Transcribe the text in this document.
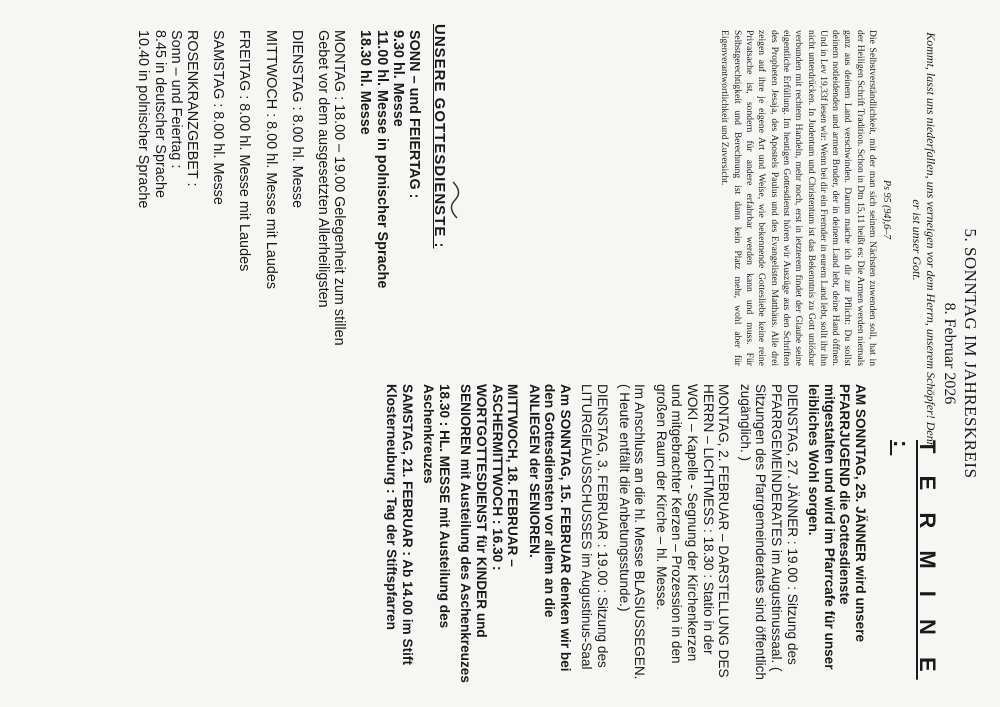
5. SONNTAG IM JAHRESKREIS
8. Februar 2026
Kommt, lasst uns niederfallen, uns verneigen vor dem Herrn, unserem Schöpfer! Denn er ist unser Gott.
Ps 95 (94),6–7
Die Selbstverständlichkeit, mit der man sich seinem Nächsten zuwenden soll, hat in der Heiligen Schrift Tradition. Schon in Dtn 15,11 heißt es: Die Armen werden niemals ganz aus deinem Land verschwinden. Darum mache ich dir zur Pflicht: Du sollst deinem notleidenden und armen Bruder, der in deinem Land lebt, deine Hand öffnen. Und in Lev 19,33f lesen wir: Wenn bei dir ein Fremder in eurem Land lebt, sollt ihr ihn nicht unterdrücken. In Judentum und Christentum ist das Bekenntnis zu Gott unlösbar verbunden mit rechtem Handeln, mehr noch, erst in letzterem findet der Glaube seine eigentliche Erfüllung. Im heutigen Gottesdienst hören wir Auszüge aus den Schriften des Propheten Jesaja, des Apostels Paulus und des Evangelisten Matthäus. Alle drei zeigen auf ihre je eigene Art und Weise, wie bekennende Gottesliebe keine reine Privatsache ist, sondern für andere erfahrbar werden kann und muss. Für Selbstgerechtigkeit und Berechnung ist dann kein Platz mehr, wohl aber für Eigenverantwortlichkeit und Zuversicht.
T E R M I N E :

AM SONNTAG, 25. JÄNNER wird unsere PFARRJUGEND die Gottesdienste mitgestalten und wird im Pfarrcafe für unser leibliches Wohl sorgen.

DIENSTAG, 27. JÄNNER : 19.00 : Sitzung des PFARRGEMEINDERATES im Augustinussaal. ( Sitzungen des Pfarrgemeinderates sind öffentlich zugänglich. )

MONTAG, 2. FEBRUAR – DARSTELLUNG DES HERRN – LICHTMESS : 18.30 : Statio in der WOKI – Kapelle - Segnung der Kirchenkerzen und mitgebrachter Kerzen – Prozession in den großen Raum der Kirche – hl. Messe.

Im Anschluss an die hl. Messe BLASIUSSEGEN. ( Heute entfällt die Anbetungsstunde.)

DIENSTAG, 3. FEBRUAR : 19.00 : Sitzung des LITURGIEAUSSCHUSSES im Augustinus-Saal

Am SONNTAG, 15. FEBRUAR denken wir bei den Gottesdiensten vor allem an die ANLIEGEN der SENIOREN.

MITTWOCH, 18. FEBRUAR – ASCHERMITTWOCH : 16.30 : WORTGOTTESDIENST für KINDER und SENIOREN mit Austeilung des Aschenkreuzes

18.30 : HL. MESSE mit Austeilung des Aschenkreuzes

SAMSTAG, 21. FEBRUAR : Ab 14.00 im Stift Klosterneuburg : Tag der Stiftspfarren

UNSERE GOTTESDIENSTE :

SONN – und FEIERTAG :
9.30 hl. Messe
11.00 hl. Messe in polnischer Sprache
18.30 hl. Messe

MONTAG : 18.00 – 19.00 Gelegenheit zum stillen Gebet vor dem ausgesetzten Allerheiligsten

DIENSTAG : 8.00 hl. Messe

MITTWOCH : 8.00 hl. Messe mit Laudes

FREITAG : 8.00 hl. Messe mit Laudes

SAMSTAG : 8.00 hl. Messe

ROSENKRANZGEBET :
Sonn – und Feiertag :
8.45 in deutscher Sprache
10.40 in polnischer Sprache
